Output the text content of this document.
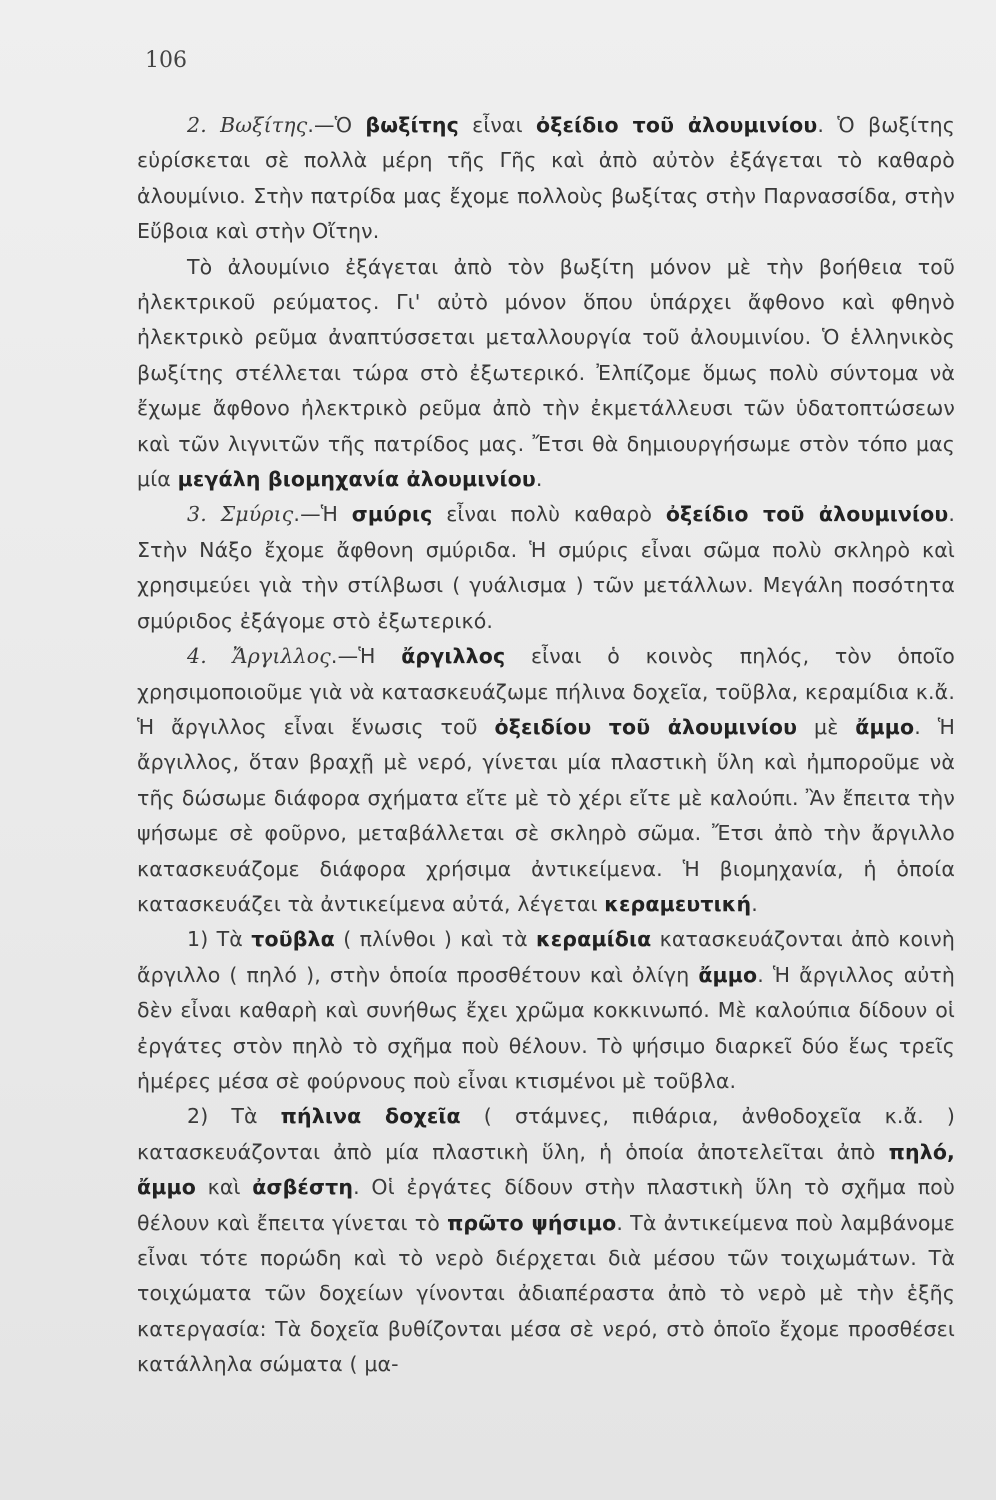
106

2. Βωξίτης.—Ὁ βωξίτης εἶναι ὀξείδιο τοῦ ἀλουμινίου. Ὁ βωξίτης εὑρίσκεται σὲ πολλὰ μέρη τῆς Γῆς καὶ ἀπὸ αὐτὸν ἐξάγεται τὸ καθαρὸ ἀλουμίνιο. Στὴν πατρίδα μας ἔχομε πολλοὺς βωξίτας στὴν Παρνασσίδα, στὴν Εὔβοια καὶ στὴν Οἴτην.

Τὸ ἀλουμίνιο ἐξάγεται ἀπὸ τὸν βωξίτη μόνον μὲ τὴν βοήθεια τοῦ ἠλεκτρικοῦ ρεύματος. Γι' αὐτὸ μόνον ὅπου ὑπάρχει ἄφθονο καὶ φθηνὸ ἠλεκτρικὸ ρεῦμα ἀναπτύσσεται μεταλλουργία τοῦ ἀλουμινίου. Ὁ ἑλληνικὸς βωξίτης στέλλεται τώρα στὸ ἐξωτερικό. Ἐλπίζομε ὅμως πολὺ σύντομα νὰ ἔχωμε ἄφθονο ἠλεκτρικὸ ρεῦμα ἀπὸ τὴν ἐκμετάλλευσι τῶν ὑδατοπτώσεων καὶ τῶν λιγνιτῶν τῆς πατρίδος μας. Ἔτσι θὰ δημιουργήσωμε στὸν τόπο μας μία μεγάλη βιομηχανία ἀλουμινίου.

3. Σμύρις.—Ἡ σμύρις εἶναι πολὺ καθαρὸ ὀξείδιο τοῦ ἀλουμινίου. Στὴν Νάξο ἔχομε ἄφθονη σμύριδα. Ἡ σμύρις εἶναι σῶμα πολὺ σκληρὸ καὶ χρησιμεύει γιὰ τὴν στίλβωσι ( γυάλισμα ) τῶν μετάλλων. Μεγάλη ποσότητα σμύριδος ἐξάγομε στὸ ἐξωτερικό.

4. Ἄργιλλος.—Ἡ ἄργιλλος εἶναι ὁ κοινὸς πηλός, τὸν ὁποῖο χρησιμοποιοῦμε γιὰ νὰ κατασκευάζωμε πήλινα δοχεῖα, τοῦβλα, κεραμίδια κ.ἄ. Ἡ ἄργιλλος εἶναι ἕνωσις τοῦ ὀξειδίου τοῦ ἀλουμινίου μὲ ἄμμο. Ἡ ἄργιλλος, ὅταν βραχῇ μὲ νερό, γίνεται μία πλαστικὴ ὕλη καὶ ἠμποροῦμε νὰ τῆς δώσωμε διάφορα σχήματα εἴτε μὲ τὸ χέρι εἴτε μὲ καλούπι. Ἂν ἔπειτα τὴν ψήσωμε σὲ φοῦρνο, μεταβάλλεται σὲ σκληρὸ σῶμα. Ἔτσι ἀπὸ τὴν ἄργιλλο κατασκευάζομε διάφορα χρήσιμα ἀντικείμενα. Ἡ βιομηχανία, ἡ ὁποία κατασκευάζει τὰ ἀντικείμενα αὐτά, λέγεται κεραμευτική.

1) Τὰ τοῦβλα ( πλίνθοι ) καὶ τὰ κεραμίδια κατασκευάζονται ἀπὸ κοινὴ ἄργιλλο ( πηλό ), στὴν ὁποία προσθέτουν καὶ ὀλίγη ἄμμο. Ἡ ἄργιλλος αὐτὴ δὲν εἶναι καθαρὴ καὶ συνήθως ἔχει χρῶμα κοκκινωπό. Μὲ καλούπια δίδουν οἱ ἐργάτες στὸν πηλὸ τὸ σχῆμα ποὺ θέλουν. Τὸ ψήσιμο διαρκεῖ δύο ἕως τρεῖς ἡμέρες μέσα σὲ φούρνους ποὺ εἶναι κτισμένοι μὲ τοῦβλα.

2) Τὰ πήλινα δοχεῖα ( στάμνες, πιθάρια, ἀνθοδοχεῖα κ.ἄ. ) κατασκευάζονται ἀπὸ μία πλαστικὴ ὕλη, ἡ ὁποία ἀποτελεῖται ἀπὸ πηλό, ἄμμο καὶ ἀσβέστη. Οἱ ἐργάτες δίδουν στὴν πλαστικὴ ὕλη τὸ σχῆμα ποὺ θέλουν καὶ ἔπειτα γίνεται τὸ πρῶτο ψήσιμο. Τὰ ἀντικείμενα ποὺ λαμβάνομε εἶναι τότε πορώδη καὶ τὸ νερὸ διέρχεται διὰ μέσου τῶν τοιχωμάτων. Τὰ τοιχώματα τῶν δοχείων γίνονται ἀδιαπέραστα ἀπὸ τὸ νερὸ μὲ τὴν ἑξῆς κατεργασία: Τὰ δοχεῖα βυθίζονται μέσα σὲ νερό, στὸ ὁποῖο ἔχομε προσθέσει κατάλληλα σώματα ( μα-
